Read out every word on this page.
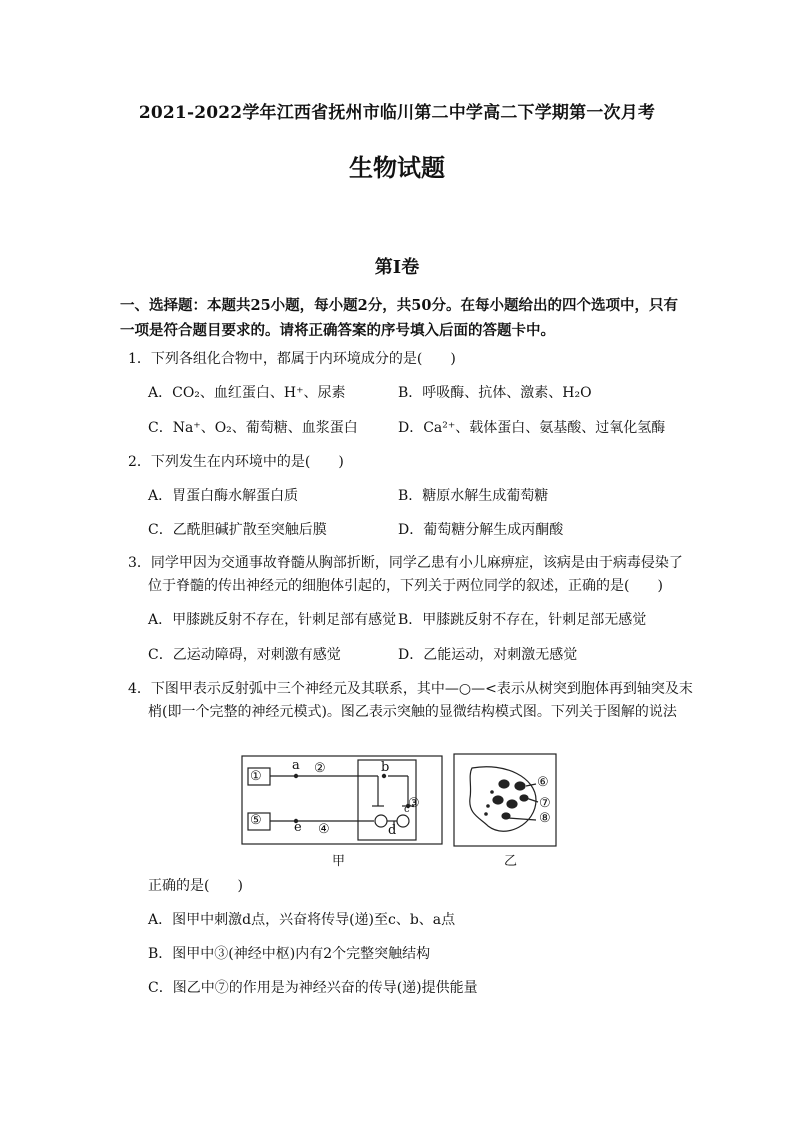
2021-2022学年江西省抚州市临川第二中学高二下学期第一次月考
生物试题
第Ⅰ卷
一、选择题：本题共25小题，每小题2分，共50分。在每小题给出的四个选项中，只有
一项是符合题目要求的。请将正确答案的序号填入后面的答题卡中。
1．下列各组化合物中，都属于内环境成分的是(　　)
A．CO₂、血红蛋白、H⁺、尿素	B．呼吸酶、抗体、激素、H₂O
C．Na⁺、O₂、葡萄糖、血浆蛋白	D．Ca²⁺、载体蛋白、氨基酸、过氧化氢酶
2．下列发生在内环境中的是(　　)
A．胃蛋白酶水解蛋白质	B．糖原水解生成葡萄糖
C．乙酰胆碱扩散至突触后膜	D．葡萄糖分解生成丙酮酸
3．同学甲因为交通事故脊髓从胸部折断，同学乙患有小儿麻痹症，该病是由于病毒侵染了
位于脊髓的传出神经元的细胞体引起的，下列关于两位同学的叙述，正确的是(　　)
A．甲膝跳反射不存在，针刺足部有感觉 B．甲膝跳反射不存在，针刺足部无感觉
C．乙运动障碍，对刺激有感觉	D．乙能运动，对刺激无感觉
4．下图甲表示反射弧中三个神经元及其联系，其中—○—<表示从树突到胞体再到轴突及末
梢(即一个完整的神经元模式)。图乙表示突触的显微结构模式图。下列关于图解的说法
①
a ②	b
③
c
⑤ e ④	d
⑥
⑦
⑧
甲	乙
正确的是(　　)
A．图甲中刺激d点，兴奋将传导(递)至c、b、a点
B．图甲中③(神经中枢)内有2个完整突触结构
C．图乙中⑦的作用是为神经兴奋的传导(递)提供能量
